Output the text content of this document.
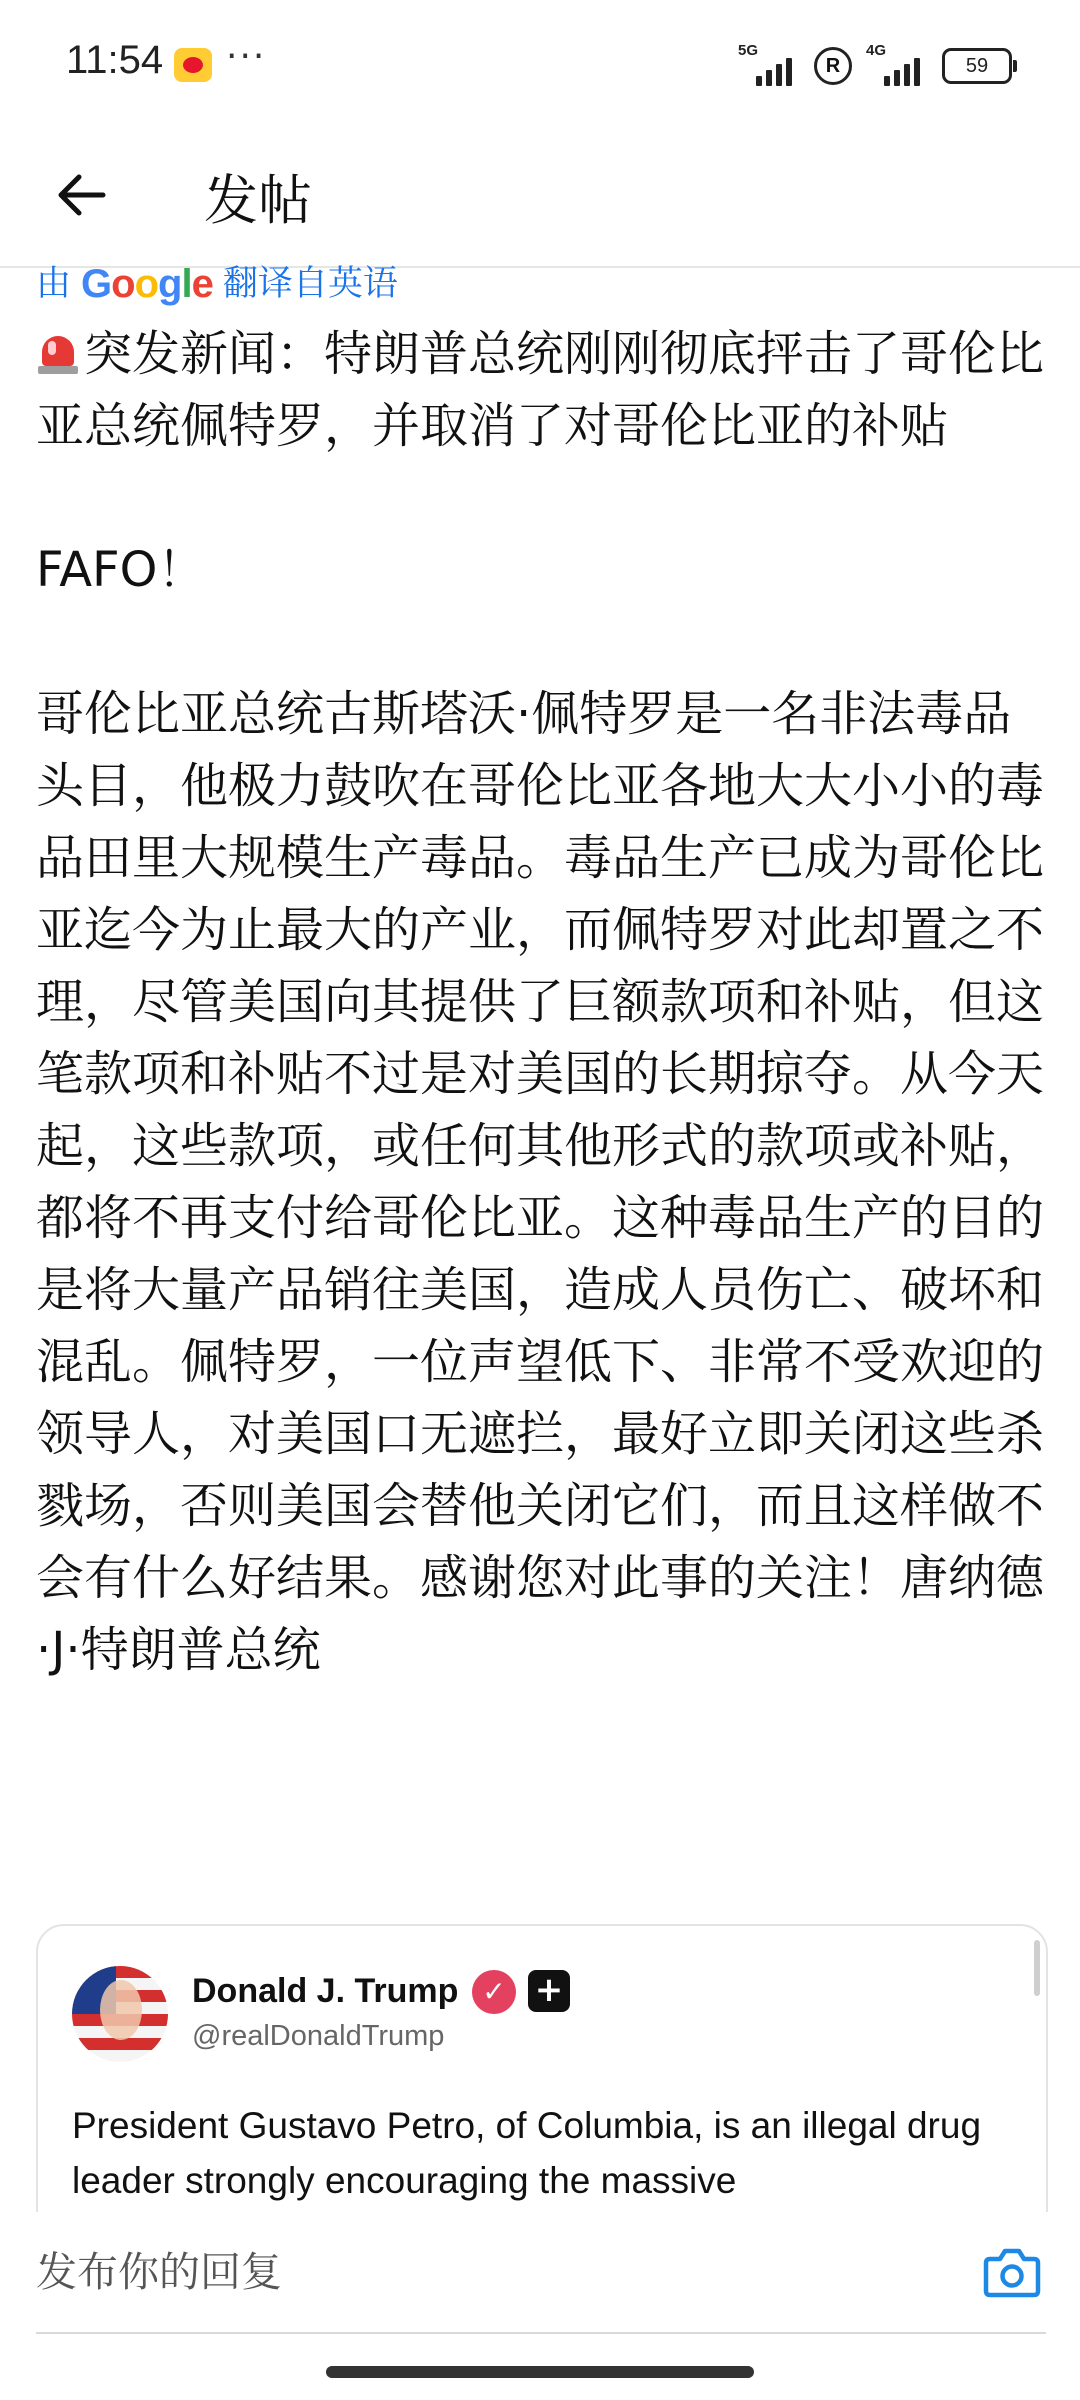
11:54 ···	5G
R
4G
59
发帖
由 Google 翻译自英语

突发新闻：特朗普总统刚刚彻底抨击了哥伦比亚总统佩特罗，并取消了对哥伦比亚的补贴

FAFO！

哥伦比亚总统古斯塔沃·佩特罗是一名非法毒品头目，他极力鼓吹在哥伦比亚各地大大小小的毒品田里大规模生产毒品。毒品生产已成为哥伦比亚迄今为止最大的产业，而佩特罗对此却置之不理，尽管美国向其提供了巨额款项和补贴，但这笔款项和补贴不过是对美国的长期掠夺。从今天起，这些款项，或任何其他形式的款项或补贴，都将不再支付给哥伦比亚。这种毒品生产的目的是将大量产品销往美国，造成人员伤亡、破坏和混乱。佩特罗，一位声望低下、非常不受欢迎的领导人，对美国口无遮拦，最好立即关闭这些杀戮场，否则美国会替他关闭它们，而且这样做不会有什么好结果。感谢您对此事的关注！唐纳德·J·特朗普总统

Donald J. Trump ✓ +
@realDonaldTrump

President Gustavo Petro, of Columbia, is an illegal drug leader strongly encouraging the massive

发布你的回复
